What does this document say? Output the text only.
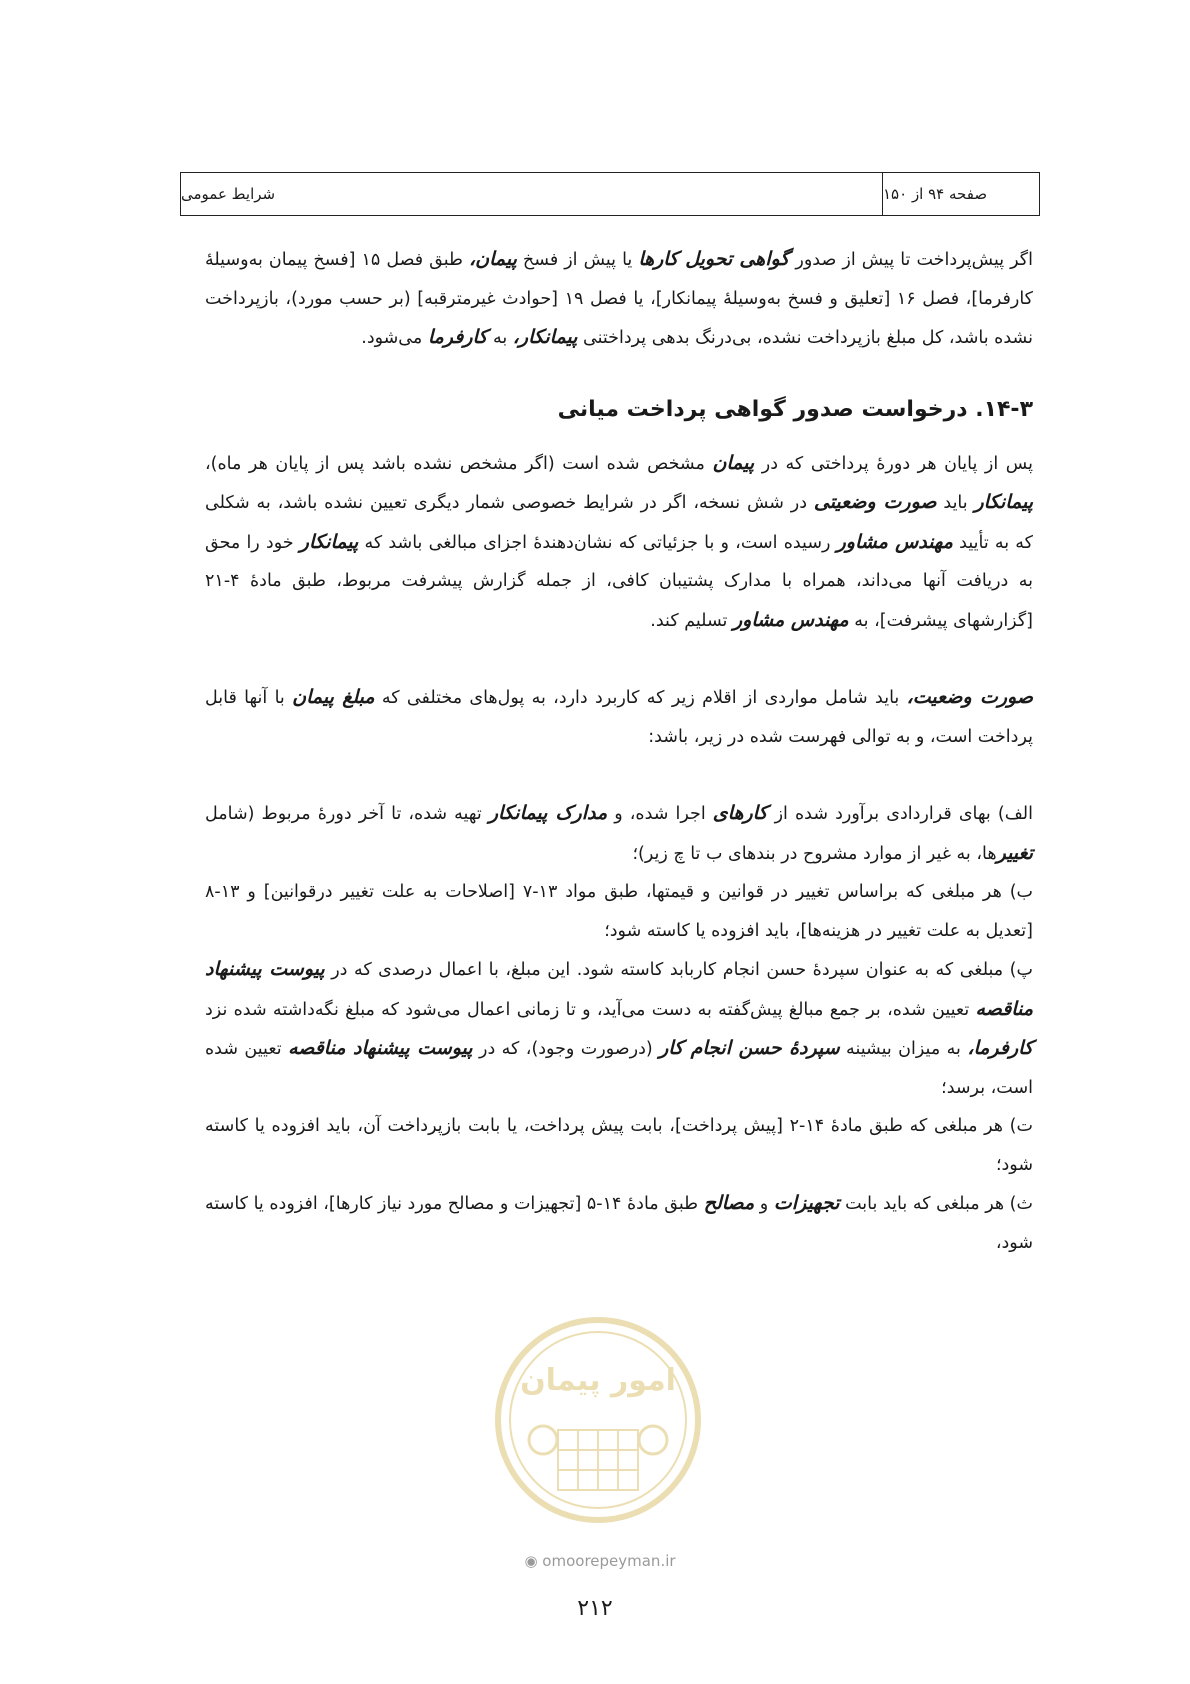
شرایط عمومی	صفحه ۹۴ از ۱۵۰

اگر پیش‌پرداخت تا پیش از صدور گواهی تحویل کارها یا پیش از فسخ پیمان، طبق فصل ۱۵ [فسخ پیمان به‌وسیلهٔ کارفرما]، فصل ۱۶ [تعلیق و فسخ به‌وسیلهٔ پیمانکار]، یا فصل ۱۹ [حوادث غیرمترقبه] (بر حسب مورد)، بازپرداخت نشده باشد، کل مبلغ بازپرداخت نشده، بی‌درنگ بدهی پرداختنی پیمانکار، به کارفرما می‌شود.

۱۴-۳. درخواست صدور گواهی پرداخت میانی

پس از پایان هر دورهٔ پرداختی که در پیمان مشخص شده است (اگر مشخص نشده باشد پس از پایان هر ماه)، پیمانکار باید صورت وضعیتی در شش نسخه، اگر در شرایط خصوصی شمار دیگری تعیین نشده باشد، به شکلی که به تأیید مهندس مشاور رسیده است، و با جزئیاتی که نشان‌دهندهٔ اجزای مبالغی باشد که پیمانکار خود را محق به دریافت آنها می‌داند، همراه با مدارک پشتیبان کافی، از جمله گزارش پیشرفت مربوط، طبق مادهٔ ۴-۲۱ [گزارشهای پیشرفت]، به مهندس مشاور تسلیم کند.

صورت وضعیت، باید شامل مواردی از اقلام زیر که کاربرد دارد، به پول‌های مختلفی که مبلغ پیمان با آنها قابل پرداخت است، و به توالی فهرست شده در زیر، باشد:

الف) بهای قراردادی برآورد شده از کارهای اجرا شده، و مدارک پیمانکار تهیه شده، تا آخر دورهٔ مربوط (شامل تغییرها، به غیر از موارد مشروح در بندهای ب تا چ زیر)؛

ب) هر مبلغی که براساس تغییر در قوانین و قیمتها، طبق مواد ۱۳-۷ [اصلاحات به علت تغییر درقوانین] و ۱۳-۸ [تعدیل به علت تغییر در هزینه‌ها]، باید افزوده یا کاسته شود؛

پ) مبلغی که به عنوان سپردهٔ حسن انجام کاربابد کاسته شود. این مبلغ، با اعمال درصدی که در پیوست پیشنهاد مناقصه تعیین شده، بر جمع مبالغ پیش‌گفته به دست می‌آید، و تا زمانی اعمال می‌شود که مبلغ نگه‌داشته شده نزد کارفرما، به میزان بیشینه سپردهٔ حسن انجام کار (درصورت وجود)، که در پیوست پیشنهاد مناقصه تعیین شده است، برسد؛

ت) هر مبلغی که طبق مادهٔ ۱۴-۲ [پیش پرداخت]، بابت پیش پرداخت، یا بابت بازپرداخت آن، باید افزوده یا کاسته شود؛

ث) هر مبلغی که باید بابت تجهیزات و مصالح طبق مادهٔ ۱۴-۵ [تجهیزات و مصالح مورد نیاز کارها]، افزوده یا کاسته شود،

امور پیمان
◉ omoorepeyman.ir
۲۱۲
